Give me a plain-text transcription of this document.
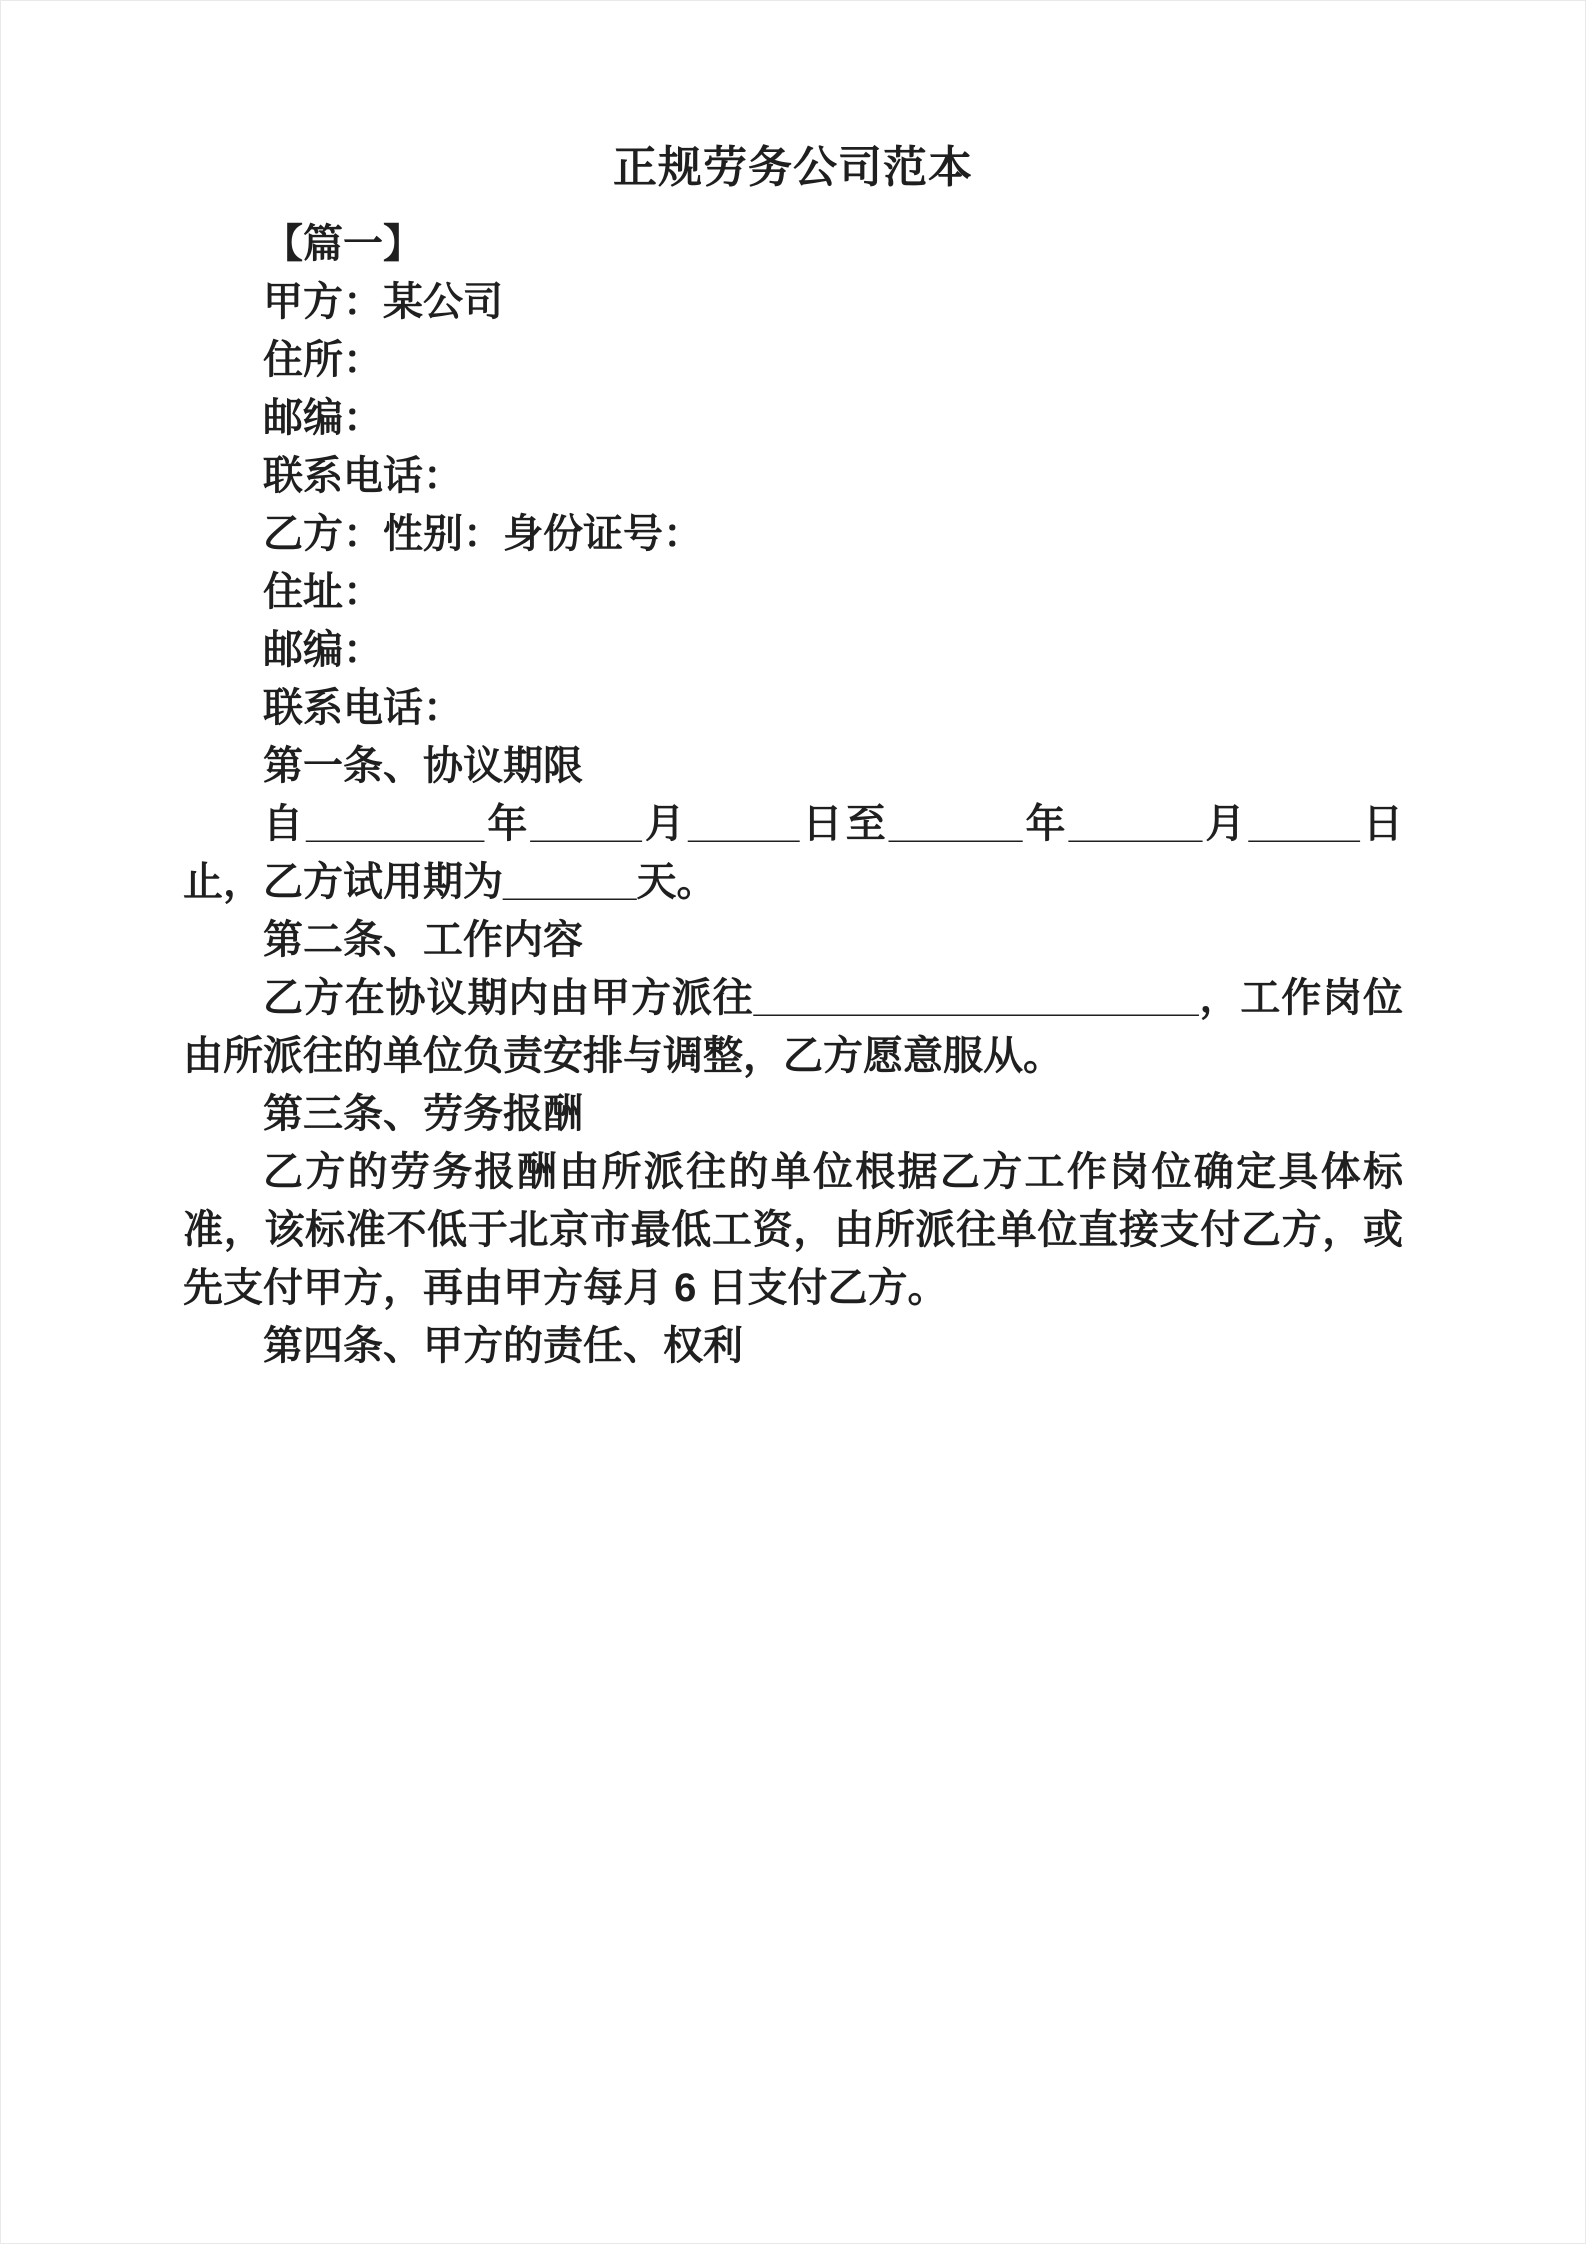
正规劳务公司范本

【篇一】

甲方：某公司

住所：

邮编：

联系电话：

乙方：性别：身份证号：

住址：

邮编：

联系电话：

第一条、协议期限

自________年_____月_____日至______年______月_____日止，乙方试用期为______天。

第二条、工作内容

乙方在协议期内由甲方派往____________________，工作岗位由所派往的单位负责安排与调整，乙方愿意服从。

第三条、劳务报酬

乙方的劳务报酬由所派往的单位根据乙方工作岗位确定具体标准，该标准不低于北京市最低工资，由所派往单位直接支付乙方，或先支付甲方，再由甲方每月 6 日支付乙方。

第四条、甲方的责任、权利
